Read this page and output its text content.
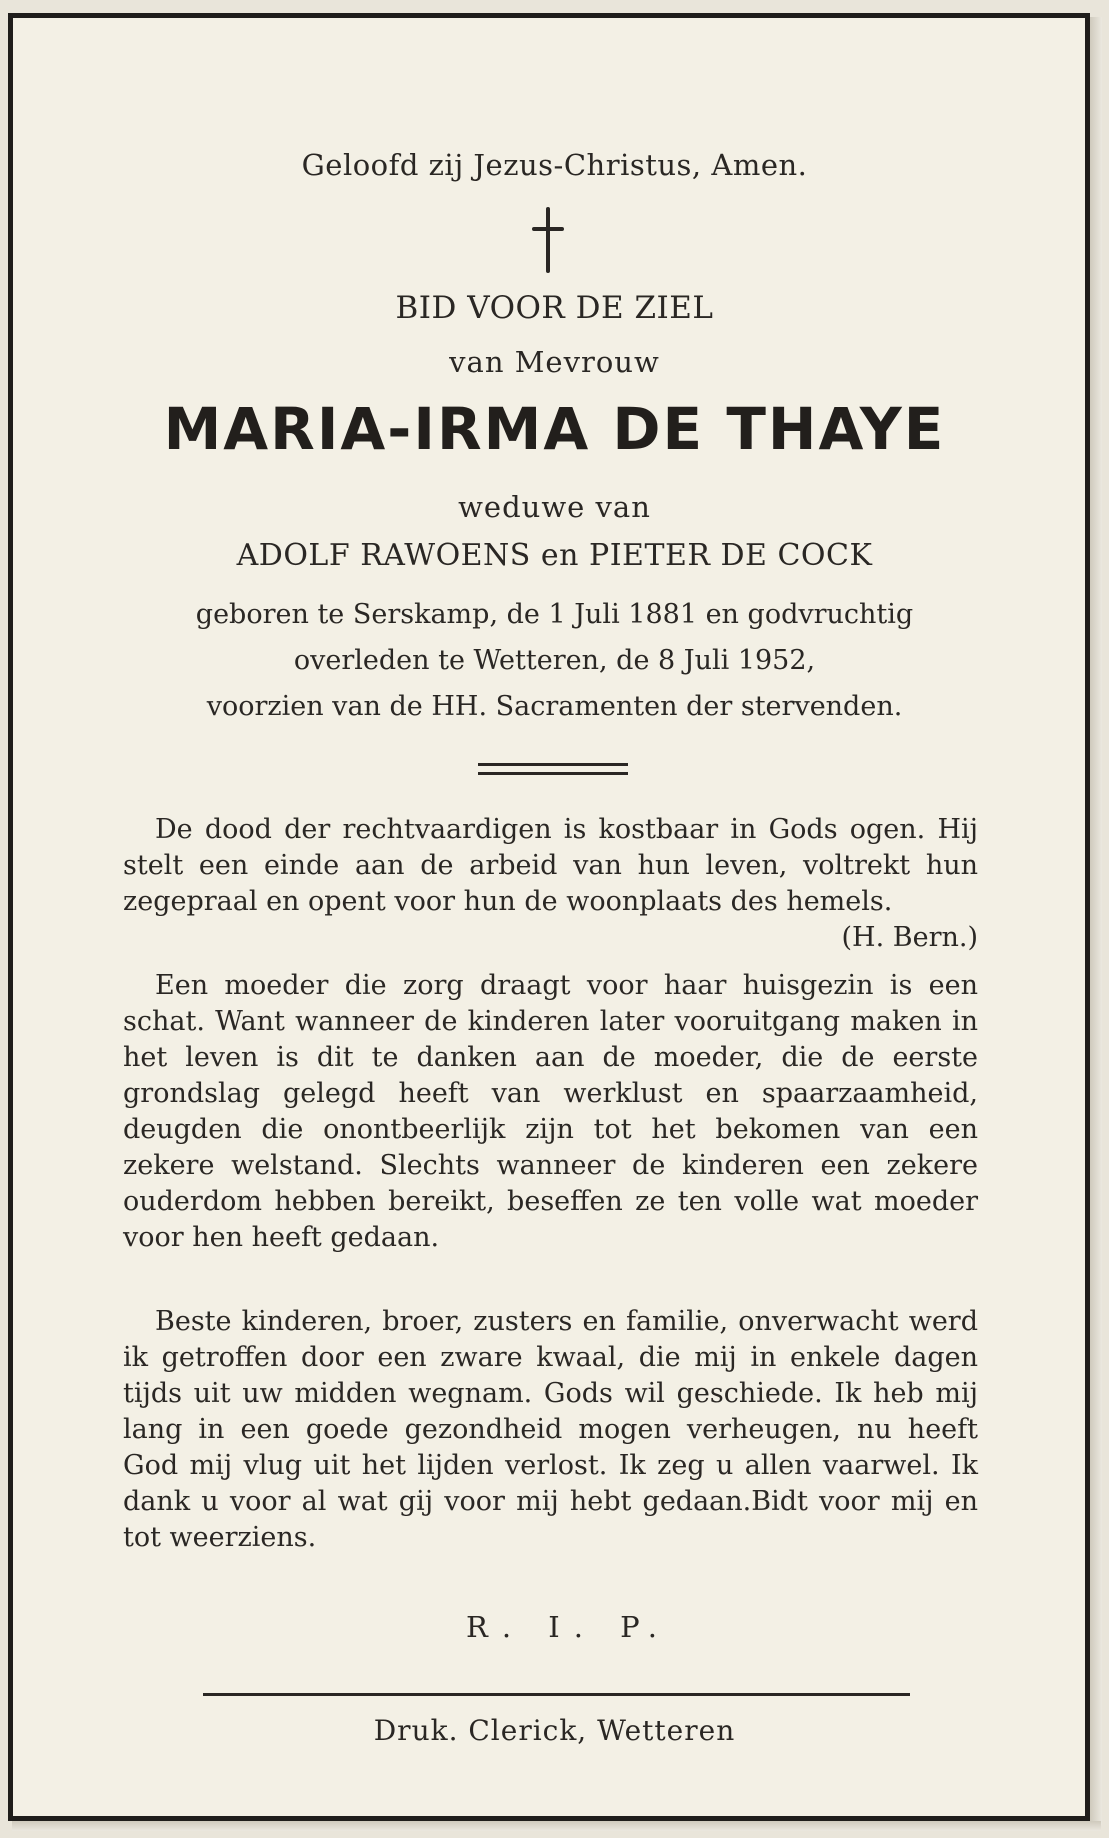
Geloofd zij Jezus-Christus, Amen.
BID VOOR DE ZIEL
van Mevrouw
MARIA-IRMA DE THAYE
weduwe van
ADOLF RAWOENS en PIETER DE COCK
geboren te Serskamp, de 1 Juli 1881 en godvruchtig
overleden te Wetteren, de 8 Juli 1952,
voorzien van de HH. Sacramenten der stervenden.

De dood der rechtvaardigen is kostbaar in Gods ogen. Hij stelt een einde aan de arbeid van hun leven, voltrekt hun zegepraal en opent voor hun de woonplaats des hemels.
(H. Bern.)

Een moeder die zorg draagt voor haar huisgezin is een schat. Want wanneer de kinderen later vooruitgang maken in het leven is dit te danken aan de moeder, die de eerste grondslag gelegd heeft van werklust en spaarzaamheid, deugden die onontbeerlijk zijn tot het bekomen van een zekere welstand. Slechts wanneer de kinderen een zekere ouderdom hebben bereikt, beseffen ze ten volle wat moeder voor hen heeft gedaan.

Beste kinderen, broer, zusters en familie, onverwacht werd ik getroffen door een zware kwaal, die mij in enkele dagen tijds uit uw midden wegnam. Gods wil geschiede. Ik heb mij lang in een goede gezondheid mogen verheugen, nu heeft God mij vlug uit het lijden verlost. Ik zeg u allen vaarwel. Ik dank u voor al wat gij voor mij hebt gedaan.Bidt voor mij en tot weerziens.

R. I. P.
Druk. Clerick, Wetteren
